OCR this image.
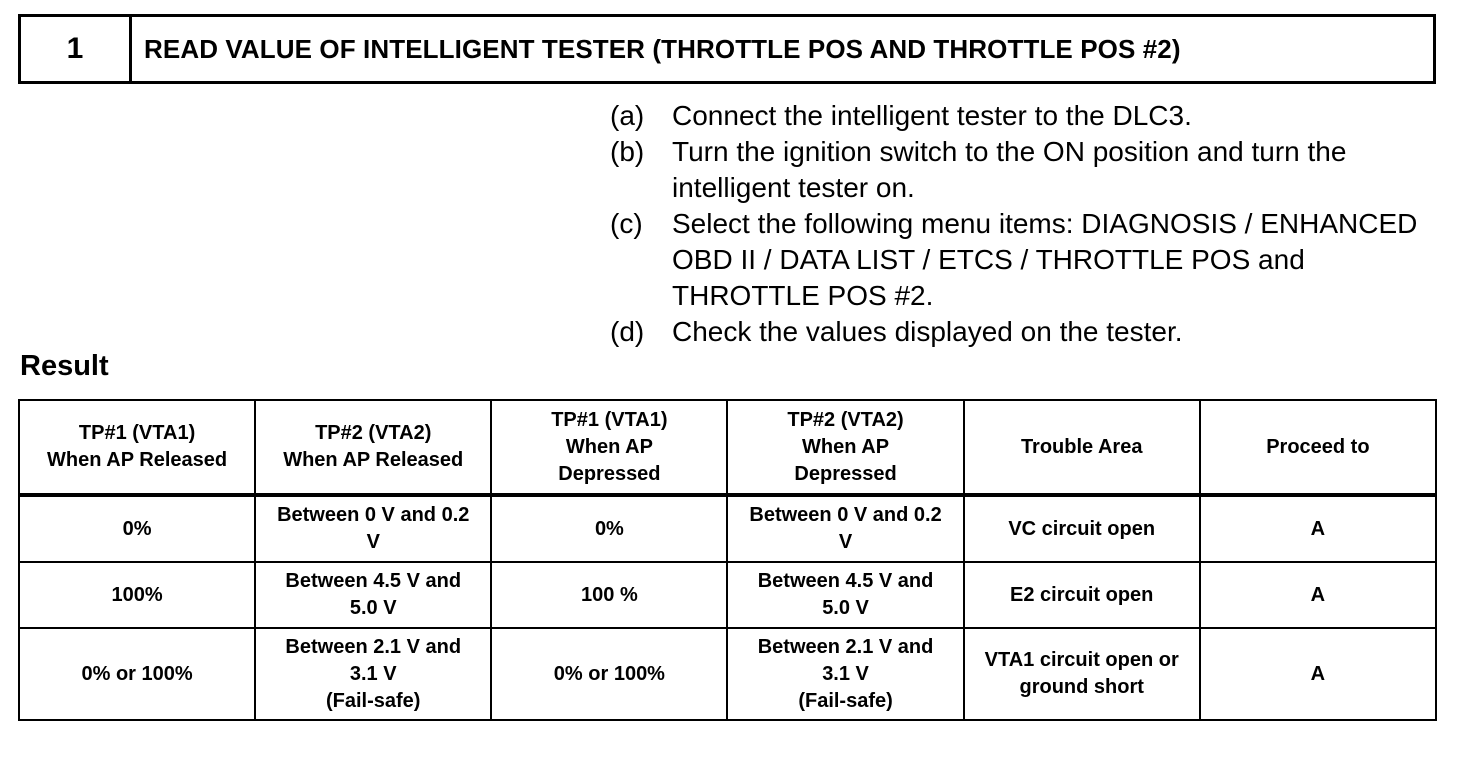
1	READ VALUE OF INTELLIGENT TESTER (THROTTLE POS AND THROTTLE POS #2)
(a) Connect the intelligent tester to the DLC3.
(b) Turn the ignition switch to the ON position and turn the intelligent tester on.
(c)	Select the following menu items: DIAGNOSIS / ENHANCED OBD II / DATA LIST / ETCS / THROTTLE POS and THROTTLE POS #2.
(d) Check the values displayed on the tester.
Result
TP#1 (VTA1)
When AP Released	TP#2 (VTA2)
When AP Released	TP#1 (VTA1)
When AP
Depressed	TP#2 (VTA2)
When AP
Depressed	Trouble Area	Proceed to
0%	Between 0 V and 0.2
V	0%	Between 0 V and 0.2
V	VC circuit open	A
100%	Between 4.5 V and
5.0 V	100 %	Between 4.5 V and
5.0 V	E2 circuit open	A
0% or 100%	Between 2.1 V and
3.1 V
(Fail-safe)	0% or 100%	Between 2.1 V and
3.1 V
(Fail-safe)	VTA1 circuit open or
ground short	A
